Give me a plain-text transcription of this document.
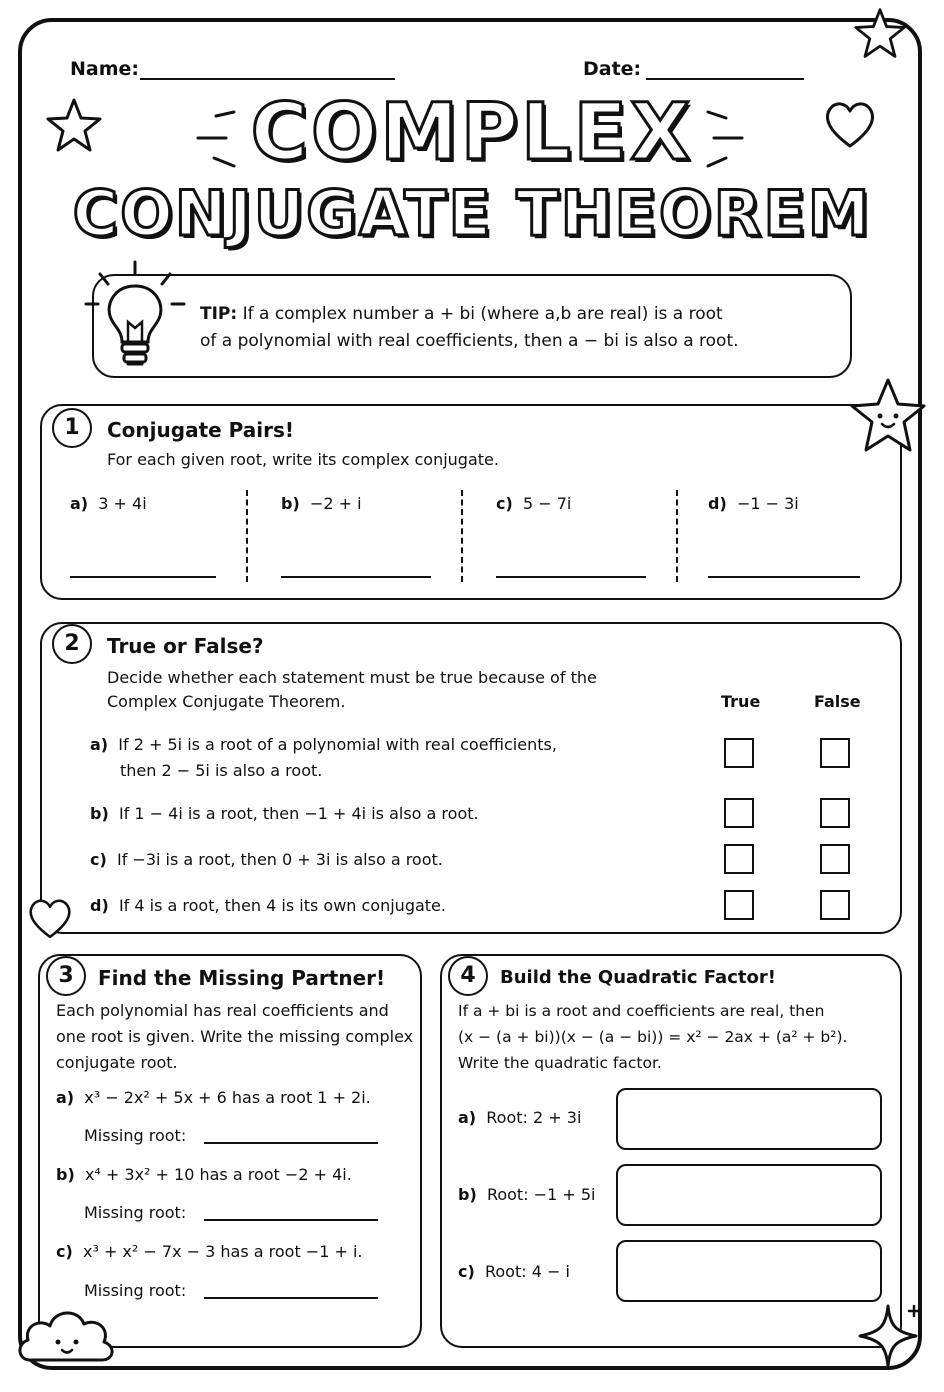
Name:	Date:
COMPLEX
CONJUGATE THEOREM
TIP: If a complex number a + bi (where a,b are real) is a root
of a polynomial with real coefficients, then a − bi is also a root.
1	Conjugate Pairs!
For each given root, write its complex conjugate.
a) 3 + 4i	b) −2 + i	c) 5 − 7i	d) −1 − 3i
2	True or False?
Decide whether each statement must be true because of the
Complex Conjugate Theorem.	True	False
a) If 2 + 5i is a root of a polynomial with real coefficients,
then 2 − 5i is also a root.
b) If 1 − 4i is a root, then −1 + 4i is also a root.
c) If −3i is a root, then 0 + 3i is also a root.
d) If 4 is a root, then 4 is its own conjugate.
3	Find the Missing Partner!
Each polynomial has real coefficients and
one root is given. Write the missing complex
conjugate root.
a) x³ − 2x² + 5x + 6 has a root 1 + 2i.
Missing root:
b) x⁴ + 3x² + 10 has a root −2 + 4i.
Missing root:
c) x³ + x² − 7x − 3 has a root −1 + i.
Missing root:
4	Build the Quadratic Factor!
If a + bi is a root and coefficients are real, then
(x − (a + bi))(x − (a − bi)) = x² − 2ax + (a² + b²).
Write the quadratic factor.
a) Root: 2 + 3i
b) Root: −1 + 5i
c) Root: 4 − i
